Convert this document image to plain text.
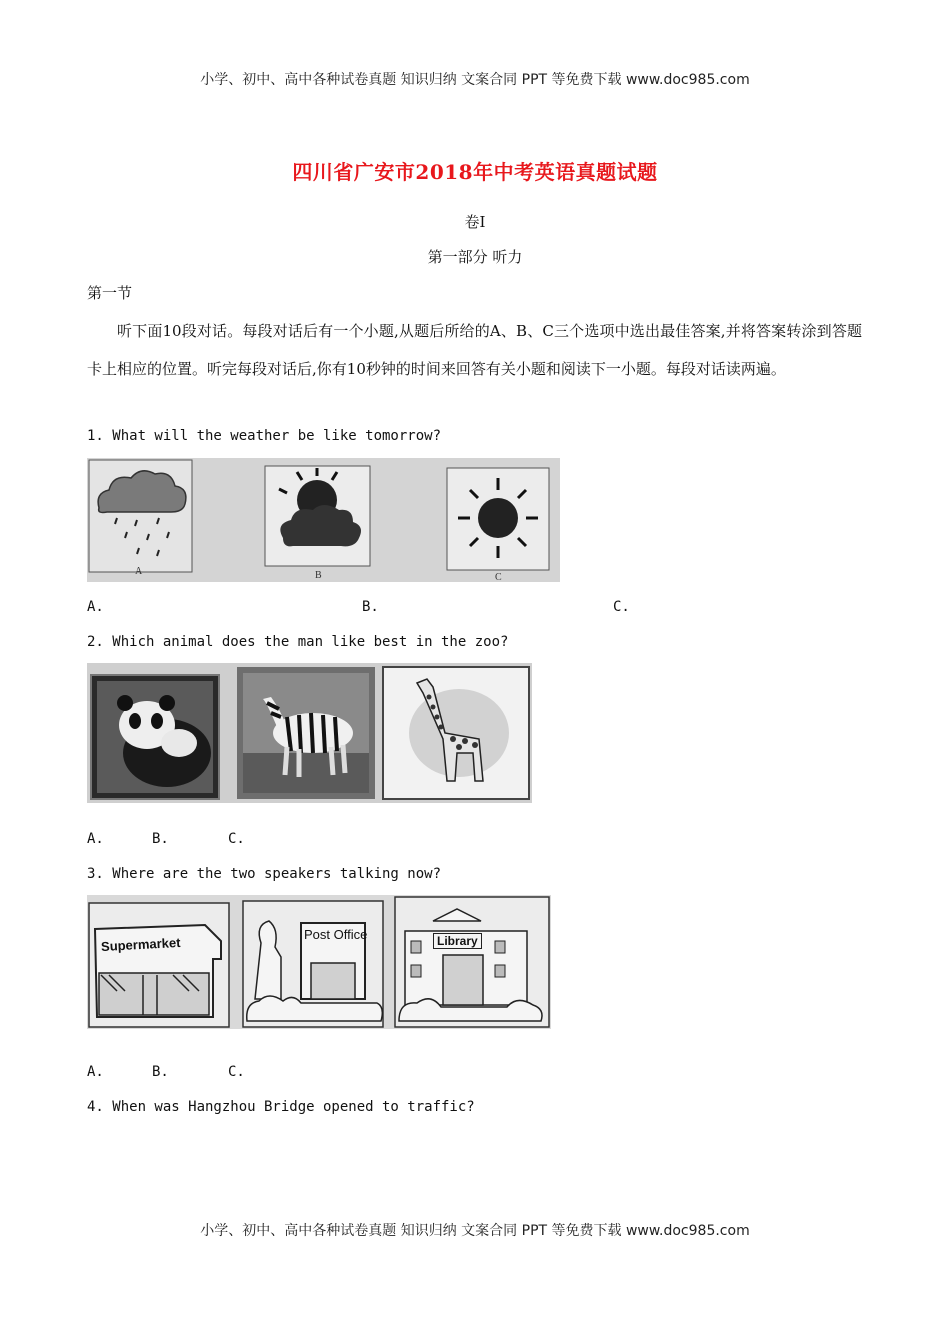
小学、初中、高中各种试卷真题 知识归纳 文案合同 PPT 等免费下载 www.doc985.com
四川省广安市2018年中考英语真题试题
卷I
第一部分 听力
第一节
听下面10段对话。每段对话后有一个小题,从题后所给的A、B、C三个选项中选出最佳答案,并将答案转涂到答题卡上相应的位置。听完每段对话后,你有10秒钟的时间来回答有关小题和阅读下一小题。每段对话读两遍。
1. What will the weather be like tomorrow?
A	B	C
A.	B.	C.
2. Which animal does the man like best in the zoo?
A.	B.	C.
3. Where are the two speakers talking now?
Supermarket
Post Office	Library
A.	B.	C.
4. When was Hangzhou Bridge opened to traffic?
小学、初中、高中各种试卷真题 知识归纳 文案合同 PPT 等免费下载 www.doc985.com
